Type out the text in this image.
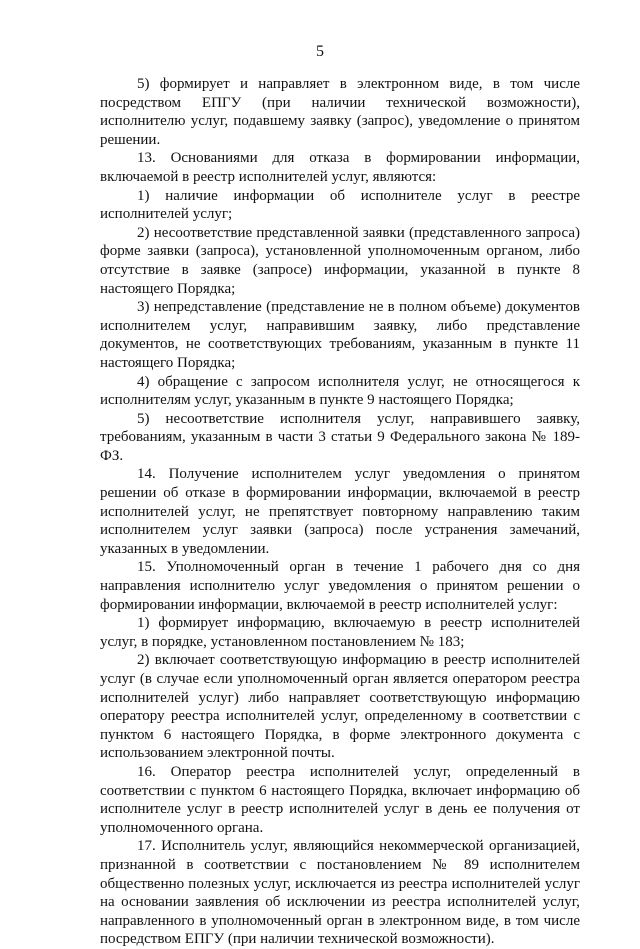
5

5) формирует и направляет в электронном виде, в том числе посредством ЕПГУ (при наличии технической возможности), исполнителю услуг, подавшему заявку (запрос), уведомление о принятом решении.

13. Основаниями для отказа в формировании информации, включаемой в реестр исполнителей услуг, являются:

1) наличие информации об исполнителе услуг в реестре исполнителей услуг;

2) несоответствие представленной заявки (представленного запроса) форме заявки (запроса), установленной уполномоченным органом, либо отсутствие в заявке (запросе) информации, указанной в пункте 8 настоящего Порядка;

3) непредставление (представление не в полном объеме) документов исполнителем услуг, направившим заявку, либо представление документов, не соответствующих требованиям, указанным в пункте 11 настоящего Порядка;

4) обращение с запросом исполнителя услуг, не относящегося к исполнителям услуг, указанным в пункте 9 настоящего Порядка;

5) несоответствие исполнителя услуг, направившего заявку, требованиям, указанным в части 3 статьи 9 Федерального закона № 189-ФЗ.

14. Получение исполнителем услуг уведомления о принятом решении об отказе в формировании информации, включаемой в реестр исполнителей услуг, не препятствует повторному направлению таким исполнителем услуг заявки (запроса) после устранения замечаний, указанных в уведомлении.

15. Уполномоченный орган в течение 1 рабочего дня со дня направления исполнителю услуг уведомления о принятом решении о формировании информации, включаемой в реестр исполнителей услуг:

1) формирует информацию, включаемую в реестр исполнителей услуг, в порядке, установленном постановлением № 183;

2) включает соответствующую информацию в реестр исполнителей услуг (в случае если уполномоченный орган является оператором реестра исполнителей услуг) либо направляет соответствующую информацию оператору реестра исполнителей услуг, определенному в соответствии с пунктом 6 настоящего Порядка, в форме электронного документа с использованием электронной почты.

16. Оператор реестра исполнителей услуг, определенный в соответствии с пунктом 6 настоящего Порядка, включает информацию об исполнителе услуг в реестр исполнителей услуг в день ее получения от уполномоченного органа.

17. Исполнитель услуг, являющийся некоммерческой организацией, признанной в соответствии с постановлением № 89 исполнителем общественно полезных услуг, исключается из реестра исполнителей услуг на основании заявления об исключении из реестра исполнителей услуг, направленного в уполномоченный орган в электронном виде, в том числе посредством ЕПГУ (при наличии технической возможности).
